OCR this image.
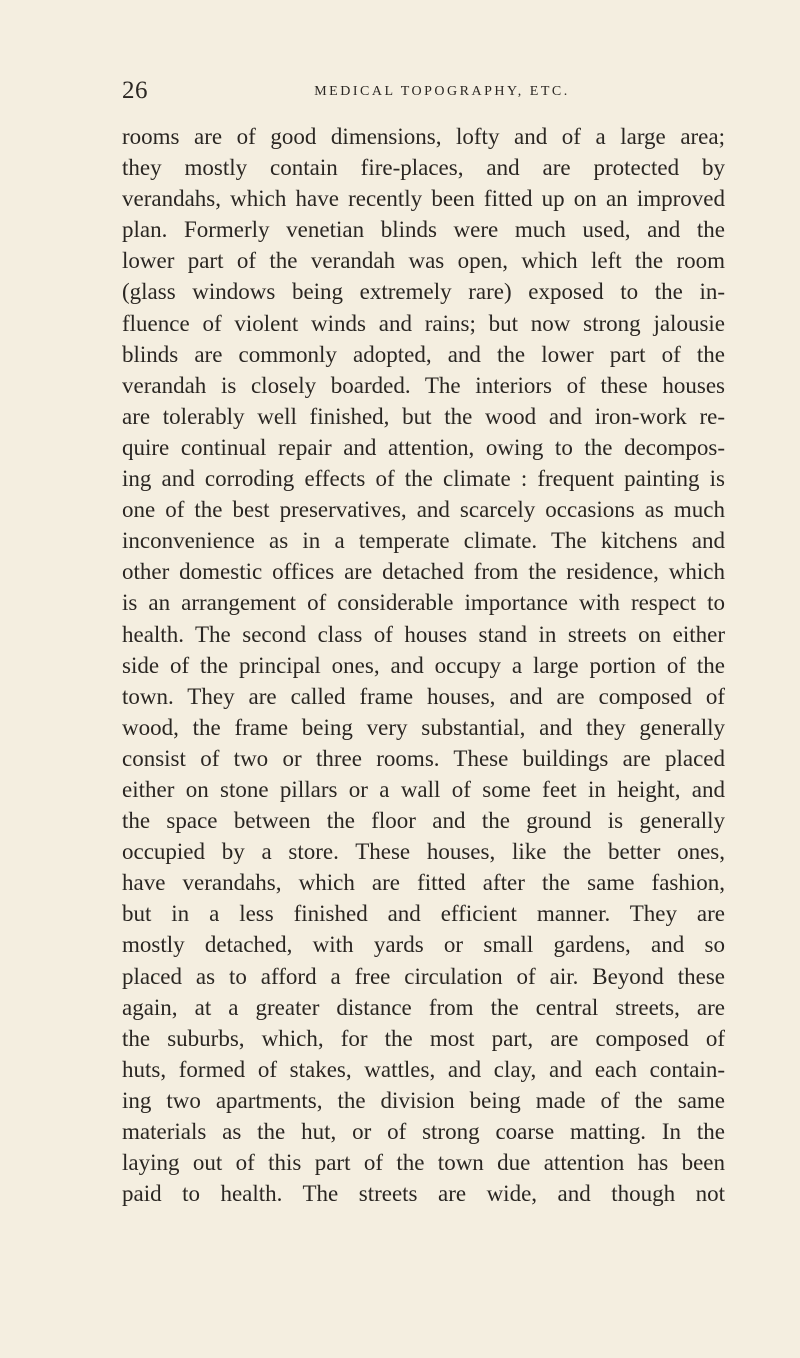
26	MEDICAL TOPOGRAPHY, ETC.
rooms are of good dimensions, lofty and of a large area;
they mostly contain fire-places, and are protected by
verandahs, which have recently been fitted up on an improved
plan. Formerly venetian blinds were much used, and the
lower part of the verandah was open, which left the room
(glass windows being extremely rare) exposed to the in-
fluence of violent winds and rains; but now strong jalousie
blinds are commonly adopted, and the lower part of the
verandah is closely boarded. The interiors of these houses
are tolerably well finished, but the wood and iron-work re-
quire continual repair and attention, owing to the decompos-
ing and corroding effects of the climate : frequent painting is
one of the best preservatives, and scarcely occasions as much
inconvenience as in a temperate climate. The kitchens and
other domestic offices are detached from the residence, which
is an arrangement of considerable importance with respect to
health. The second class of houses stand in streets on either
side of the principal ones, and occupy a large portion of the
town. They are called frame houses, and are composed of
wood, the frame being very substantial, and they generally
consist of two or three rooms. These buildings are placed
either on stone pillars or a wall of some feet in height, and
the space between the floor and the ground is generally
occupied by a store. These houses, like the better ones,
have verandahs, which are fitted after the same fashion,
but in a less finished and efficient manner. They are
mostly detached, with yards or small gardens, and so
placed as to afford a free circulation of air. Beyond these
again, at a greater distance from the central streets, are
the suburbs, which, for the most part, are composed of
huts, formed of stakes, wattles, and clay, and each contain-
ing two apartments, the division being made of the same
materials as the hut, or of strong coarse matting. In the
laying out of this part of the town due attention has been
paid to health. The streets are wide, and though not
